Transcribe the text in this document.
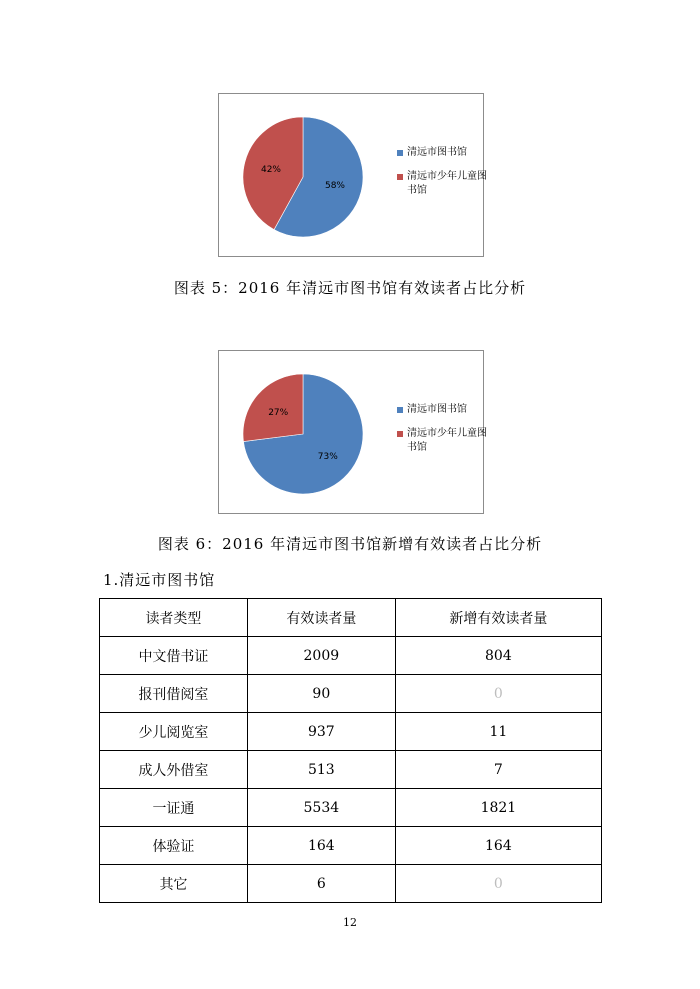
58%
42%
清远市图书馆
清远市少年儿童图书馆
图表 5：2016 年清远市图书馆有效读者占比分析
73%
27%	清远市图书馆
清远市少年儿童图书馆
图表 6：2016 年清远市图书馆新增有效读者占比分析
1.清远市图书馆
读者类型	有效读者量	新增有效读者量
中文借书证	2009	804
报刊借阅室	90	0
少儿阅览室	937	11
成人外借室	513	7
一证通	5534	1821
体验证	164	164
其它	6	0
12
